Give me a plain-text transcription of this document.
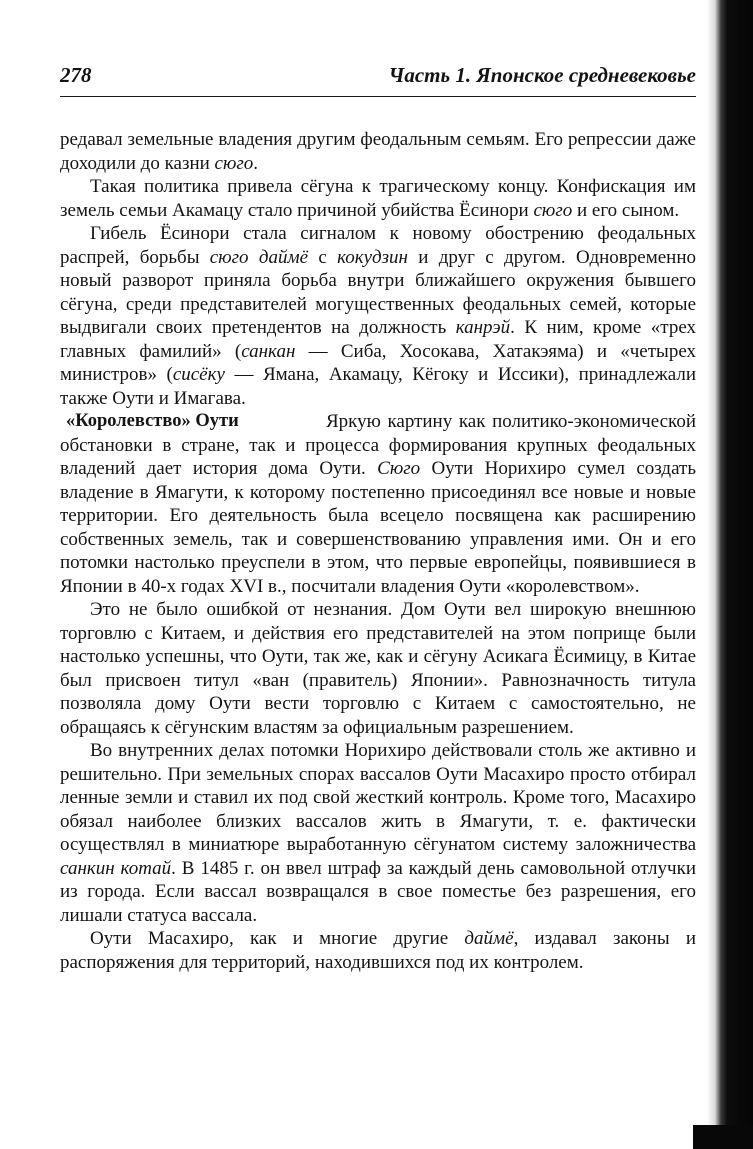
278	Часть 1. Японское средневековье

редавал земельные владения другим феодальным семьям. Его репрессии даже доходили до казни сюго.

Такая политика привела сёгуна к трагическому концу. Конфискация им земель семьи Акамацу стало причиной убийства Ёсинори сюго и его сыном.

Гибель Ёсинори стала сигналом к новому обострению феодальных распрей, борьбы сюго даймё с кокудзин и друг с другом. Одновременно новый разворот приняла борьба внутри ближайшего окружения бывшего сёгуна, среди представителей могущественных феодальных семей, которые выдвигали своих претендентов на должность канрэй. К ним, кроме «трех главных фамилий» (санкан — Сиба, Хосокава, Хатакэяма) и «четырех министров» (сисёку — Ямана, Акамацу, Кёгоку и Иссики), принадлежали также Оути и Имагава.

«Королевство» Оути	Яркую картину как политико-экономической обстановки в стране, так и процесса формирования крупных феодальных владений дает история дома Оути. Сюго Оути Норихиро сумел создать владение в Ямагути, к которому постепенно присоединял все новые и новые территории. Его деятельность была всецело посвящена как расширению собственных земель, так и совершенствованию управления ими. Он и его потомки настолько преуспели в этом, что первые европейцы, появившиеся в Японии в 40-х годах XVI в., посчитали владения Оути «королевством».

Это не было ошибкой от незнания. Дом Оути вел широкую внешнюю торговлю с Китаем, и действия его представителей на этом поприще были настолько успешны, что Оути, так же, как и сёгуну Асикага Ёсимицу, в Китае был присвоен титул «ван (правитель) Японии». Равнозначность титула позволяла дому Оути вести торговлю с Китаем с самостоятельно, не обращаясь к сёгунским властям за официальным разрешением.

Во внутренних делах потомки Норихиро действовали столь же активно и решительно. При земельных спорах вассалов Оути Масахиро просто отбирал ленные земли и ставил их под свой жесткий контроль. Кроме того, Масахиро обязал наиболее близких вассалов жить в Ямагути, т. е. фактически осуществлял в миниатюре выработанную сёгунатом систему заложничества санкин котай. В 1485 г. он ввел штраф за каждый день самовольной отлучки из города. Если вассал возвращался в свое поместье без разрешения, его лишали статуса вассала.

Оути Масахиро, как и многие другие даймё, издавал законы и распоряжения для территорий, находившихся под их контролем.
